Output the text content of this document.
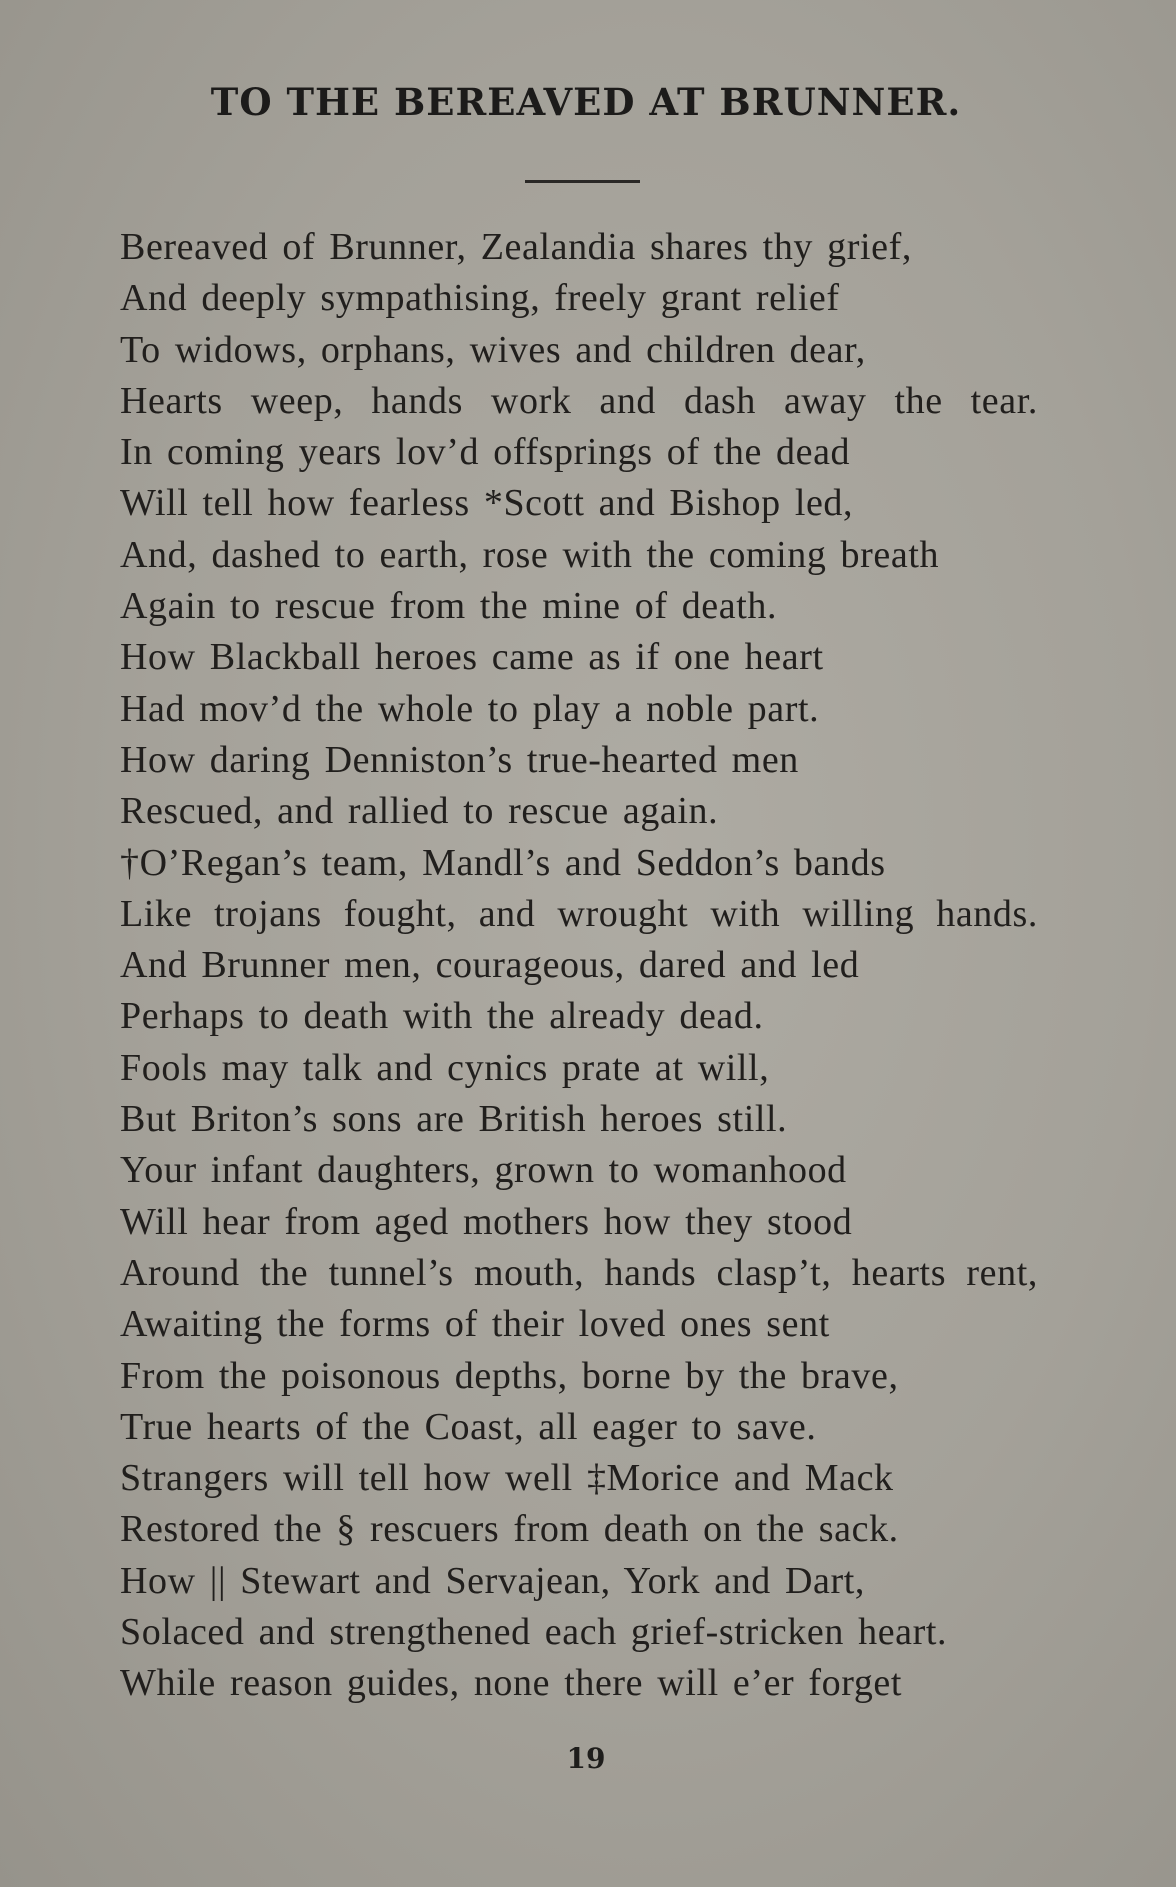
TO THE BEREAVED AT BRUNNER.
Bereaved of Brunner, Zealandia shares thy grief,
And deeply sympathising, freely grant relief
To widows, orphans, wives and children dear,
Hearts weep, hands work and dash away the tear.
In coming years lov’d offsprings of the dead
Will tell how fearless *Scott and Bishop led,
And, dashed to earth, rose with the coming breath
Again to rescue from the mine of death.
How Blackball heroes came as if one heart
Had mov’d the whole to play a noble part.
How daring Denniston’s true-hearted men
Rescued, and rallied to rescue again.
†O’Regan’s team, Mandl’s and Seddon’s bands
Like trojans fought, and wrought with willing hands.
And Brunner men, courageous, dared and led
Perhaps to death with the already dead.
Fools may talk and cynics prate at will,
But Briton’s sons are British heroes still.
Your infant daughters, grown to womanhood
Will hear from aged mothers how they stood
Around the tunnel’s mouth, hands clasp’t, hearts rent,
Awaiting the forms of their loved ones sent
From the poisonous depths, borne by the brave,
True hearts of the Coast, all eager to save.
Strangers will tell how well ‡Morice and Mack
Restored the § rescuers from death on the sack.
How || Stewart and Servajean, York and Dart,
Solaced and strengthened each grief-stricken heart.
While reason guides, none there will e’er forget
19
